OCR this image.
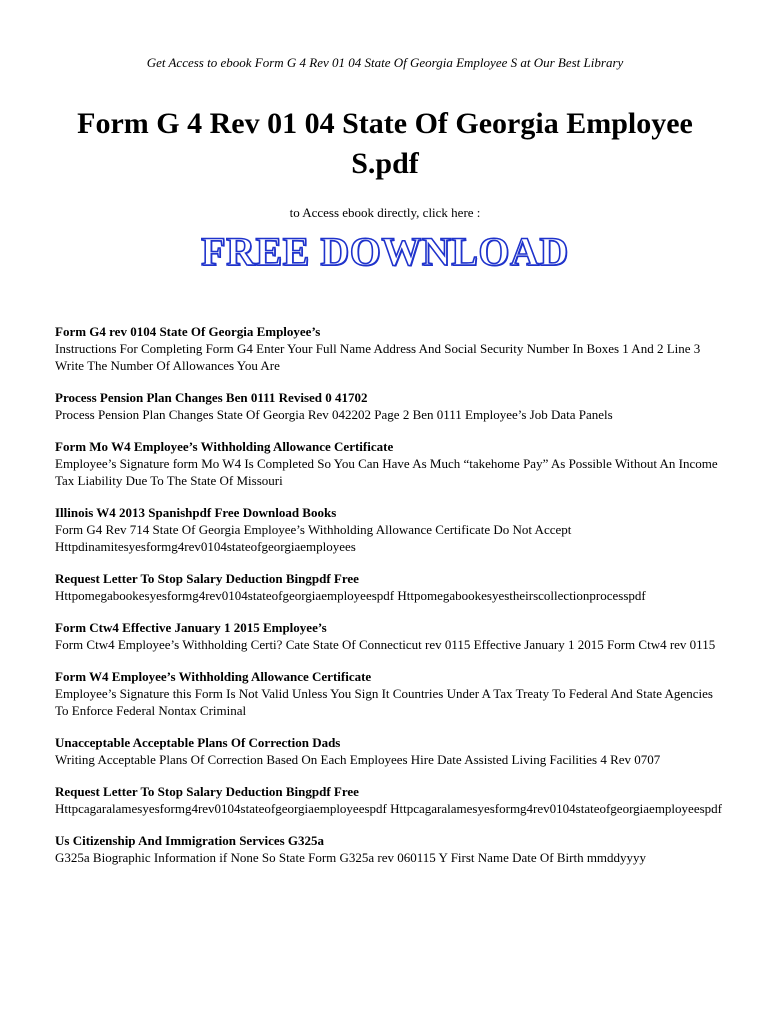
Get Access to ebook Form G 4 Rev 01 04 State Of Georgia Employee S at Our Best Library
Form G 4 Rev 01 04 State Of Georgia Employee S.pdf
to Access ebook directly, click here :
FREE DOWNLOAD
Form G4 rev 0104 State Of Georgia Employee’s
Instructions For Completing Form G4 Enter Your Full Name Address And Social Security Number In Boxes 1 And 2 Line 3 Write The Number Of Allowances You Are
Process Pension Plan Changes Ben 0111 Revised 0 41702
Process Pension Plan Changes State Of Georgia Rev 042202 Page 2 Ben 0111 Employee’s Job Data Panels
Form Mo W4 Employee’s Withholding Allowance Certificate
Employee’s Signature form Mo W4 Is Completed So You Can Have As Much “takehome Pay” As Possible Without An Income Tax Liability Due To The State Of Missouri
Illinois W4 2013 Spanishpdf Free Download Books
Form G4 Rev 714 State Of Georgia Employee’s Withholding Allowance Certificate Do Not Accept Httpdinamitesyesformg4rev0104stateofgeorgiaemployees
Request Letter To Stop Salary Deduction Bingpdf Free
Httpomegabookesyesformg4rev0104stateofgeorgiaemployeespdf Httpomegabookesyestheirscollectionprocesspdf
Form Ctw4 Effective January 1 2015 Employee’s
Form Ctw4 Employee’s Withholding Certi? Cate State Of Connecticut rev 0115 Effective January 1 2015 Form Ctw4 rev 0115
Form W4 Employee’s Withholding Allowance Certificate
Employee’s Signature this Form Is Not Valid Unless You Sign It Countries Under A Tax Treaty To Federal And State Agencies To Enforce Federal Nontax Criminal
Unacceptable Acceptable Plans Of Correction Dads
Writing Acceptable Plans Of Correction Based On Each Employees Hire Date Assisted Living Facilities 4 Rev 0707
Request Letter To Stop Salary Deduction Bingpdf Free
Httpcagaralamesyesformg4rev0104stateofgeorgiaemployeespdf Httpcagaralamesyesformg4rev0104stateofgeorgiaemployeespdf
Us Citizenship And Immigration Services G325a
G325a Biographic Information if None So State Form G325a rev 060115 Y First Name Date Of Birth mmddyyyy
